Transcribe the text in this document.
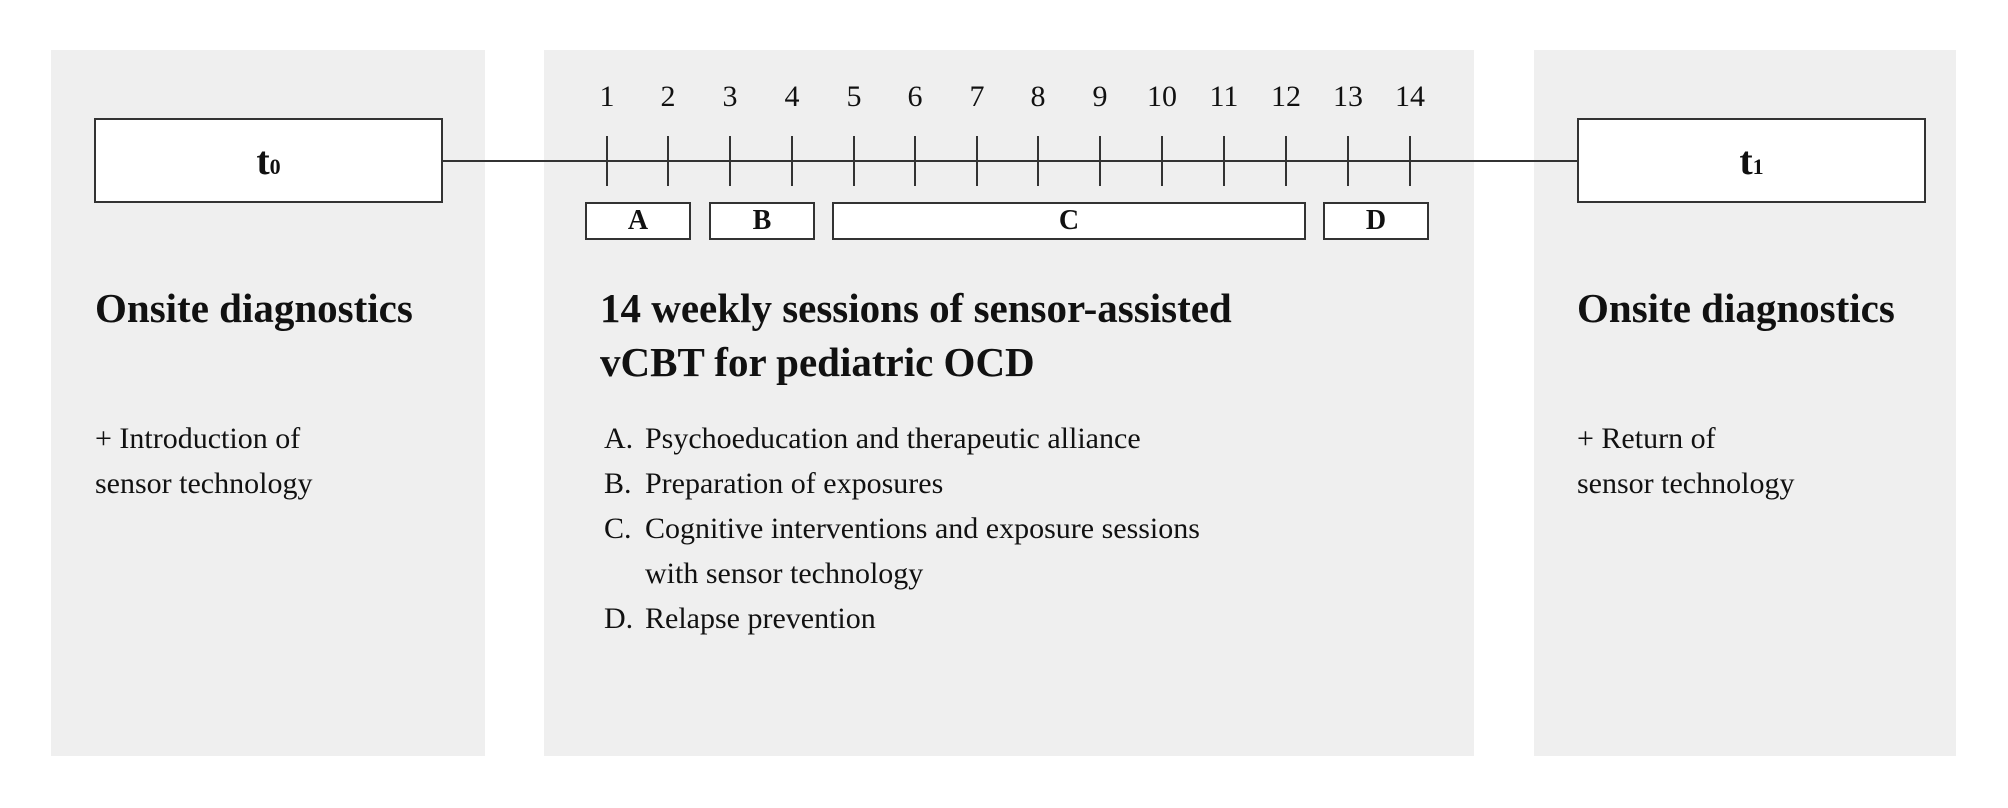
$t_0$	$t_1$
1	2	3	4	5	6	7	8	9	10	11	12	13	14
A	B	C	D
Onsite diagnostics
+ Introduction of
sensor technology
14 weekly sessions of sensor-assisted
vCBT for pediatric OCD
A. Psychoeducation and therapeutic alliance
B. Preparation of exposures
C. Cognitive interventions and exposure sessions
with sensor technology
D. Relapse prevention
Onsite diagnostics
+ Return of
sensor technology
